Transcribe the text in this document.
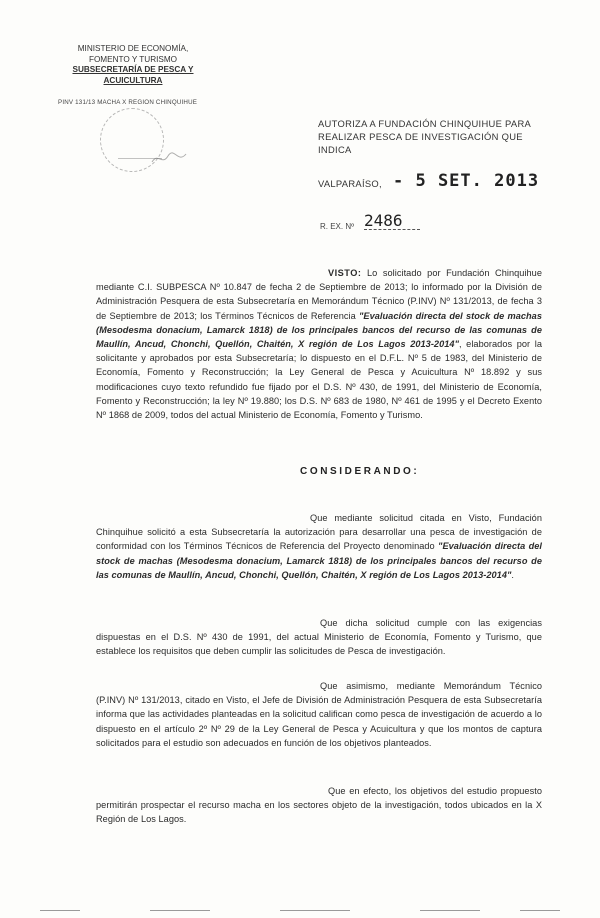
MINISTERIO DE ECONOMÍA,
FOMENTO Y TURISMO
SUBSECRETARÍA DE PESCA Y
ACUICULTURA
PINV 131/13 MACHA X REGION CHINQUIHUE
AUTORIZA A FUNDACIÓN CHINQUIHUE PARA
REALIZAR PESCA DE INVESTIGACIÓN QUE INDICA
VALPARAÍSO, - 5 SET. 2013
R. EX. Nº 2486
VISTO: Lo solicitado por Fundación Chinquihue mediante C.I. SUBPESCA Nº 10.847 de fecha 2 de Septiembre de 2013; lo informado por la División de Administración Pesquera de esta Subsecretaría en Memorándum Técnico (P.INV) Nº 131/2013, de fecha 3 de Septiembre de 2013; los Términos Técnicos de Referencia "Evaluación directa del stock de machas (Mesodesma donacium, Lamarck 1818) de los principales bancos del recurso de las comunas de Maullín, Ancud, Chonchi, Quellón, Chaitén, X región de Los Lagos 2013-2014", elaborados por la solicitante y aprobados por esta Subsecretaría; lo dispuesto en el D.F.L. Nº 5 de 1983, del Ministerio de Economía, Fomento y Reconstrucción; la Ley General de Pesca y Acuicultura Nº 18.892 y sus modificaciones cuyo texto refundido fue fijado por el D.S. Nº 430, de 1991, del Ministerio de Economía, Fomento y Reconstrucción; la ley Nº 19.880; los D.S. Nº 683 de 1980, Nº 461 de 1995 y el Decreto Exento Nº 1868 de 2009, todos del actual Ministerio de Economía, Fomento y Turismo.
CONSIDERANDO:
Que mediante solicitud citada en Visto, Fundación Chinquihue solicitó a esta Subsecretaría la autorización para desarrollar una pesca de investigación de conformidad con los Términos Técnicos de Referencia del Proyecto denominado "Evaluación directa del stock de machas (Mesodesma donacium, Lamarck 1818) de los principales bancos del recurso de las comunas de Maullín, Ancud, Chonchi, Quellón, Chaitén, X región de Los Lagos 2013-2014".
Que dicha solicitud cumple con las exigencias dispuestas en el D.S. Nº 430 de 1991, del actual Ministerio de Economía, Fomento y Turismo, que establece los requisitos que deben cumplir las solicitudes de Pesca de investigación.
Que asimismo, mediante Memorándum Técnico (P.INV) Nº 131/2013, citado en Visto, el Jefe de División de Administración Pesquera de esta Subsecretaría informa que las actividades planteadas en la solicitud califican como pesca de investigación de acuerdo a lo dispuesto en el artículo 2º Nº 29 de la Ley General de Pesca y Acuicultura y que los montos de captura solicitados para el estudio son adecuados en función de los objetivos planteados.
Que en efecto, los objetivos del estudio propuesto permitirán prospectar el recurso macha en los sectores objeto de la investigación, todos ubicados en la X Región de Los Lagos.
